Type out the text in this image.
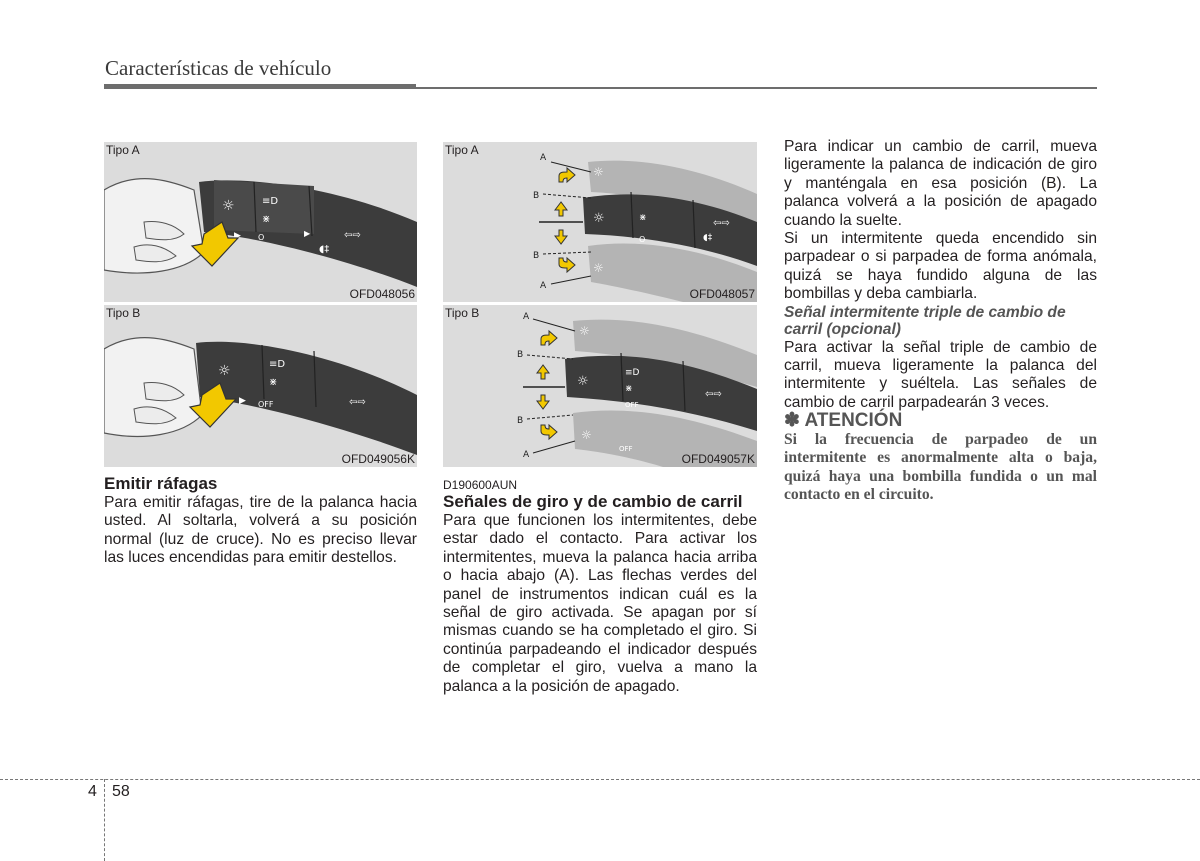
Características de vehículo
☼	≡D
⋇
▶ O	⇦⇨
▶
◖‡
Tipo A
OFD048056
☼	≡D
⋇
▶ OFF	⇦⇨
Tipo B
OFD049056K
☼	⋇
O
⇦⇨
◖‡
☼
☼
A
B
B
A
Tipo A
OFD048057
☼
≡D
⋇
OFF
⇦⇨
☼
☼
OFF
A
B
B
A
Tipo B
OFD049057K

Emitir ráfagas

Para emitir ráfagas, tire de la palanca hacia usted. Al soltarla, volverá a su posición normal (luz de cruce). No es preciso llevar las luces encendidas para emitir destellos.

D190600AUN

Señales de giro y de cambio de carril

Para que funcionen los intermitentes, debe estar dado el contacto. Para activar los intermitentes, mueva la palanca hacia arriba o hacia abajo (A). Las flechas verdes del panel de instrumentos indican cuál es la señal de giro activada. Se apagan por sí mismas cuando se ha completado el giro. Si continúa parpadeando el indicador después de completar el giro, vuelva a mano la palanca a la posición de apagado.

Para indicar un cambio de carril, mueva ligeramente la palanca de indicación de giro y manténgala en esa posición (B). La palanca volverá a la posición de apagado cuando la suelte.

Si un intermitente queda encendido sin parpadear o si parpadea de forma anómala, quizá se haya fundido alguna de las bombillas y deba cambiarla.

Señal intermitente triple de cambio de carril (opcional)

Para activar la señal triple de cambio de carril, mueva ligeramente la palanca del intermitente y suéltela. Las señales de cambio de carril parpadearán 3 veces.

✽ ATENCIÓN

Si la frecuencia de parpadeo de un intermitente es anormalmente alta o baja, quizá haya una bombilla fundida o un mal contacto en el circuito.

4 58
